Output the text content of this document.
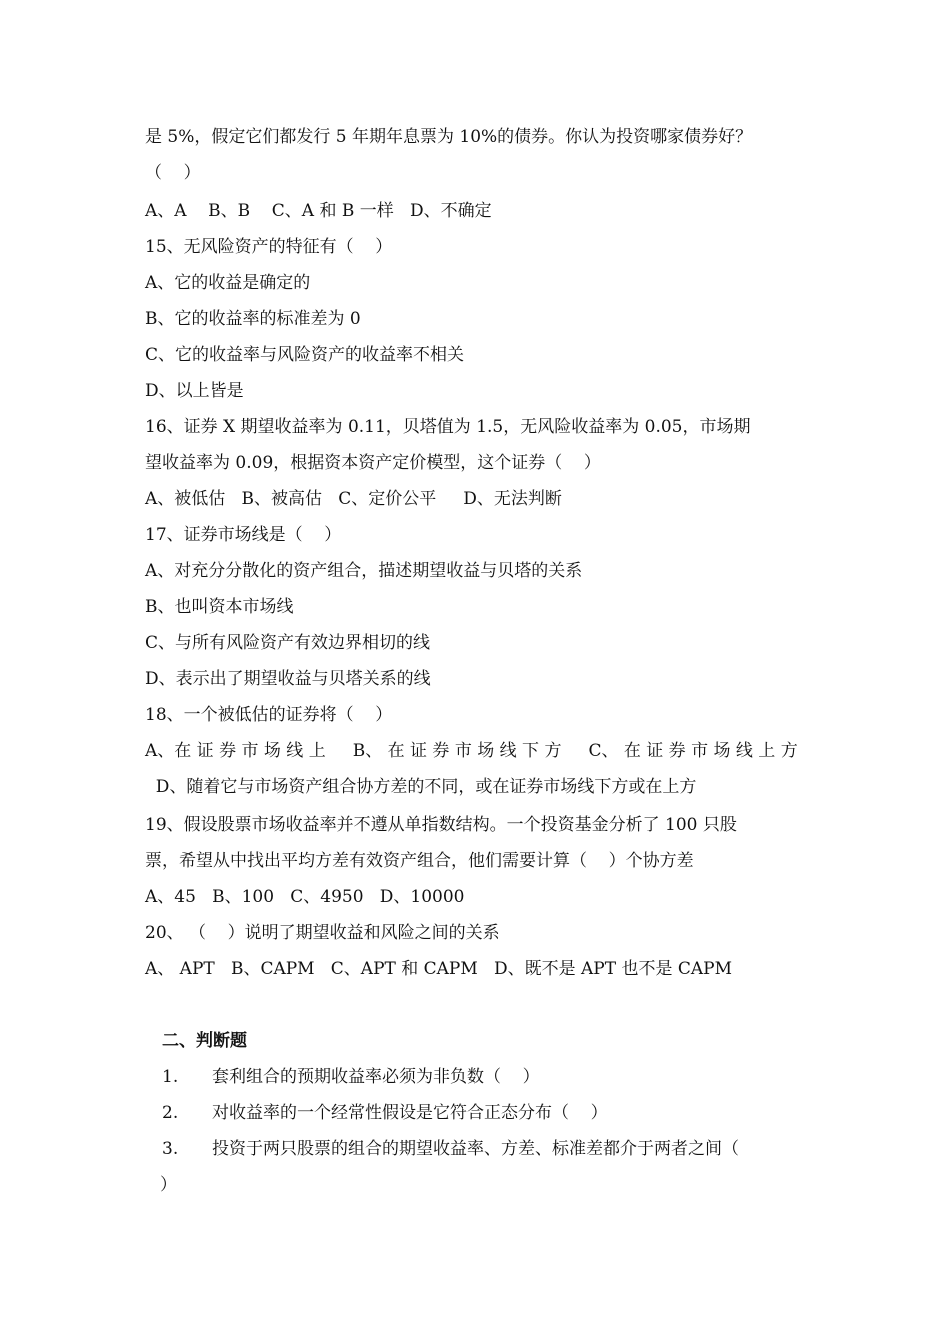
是 5%，假定它们都发行 5 年期年息票为 10%的债券。你认为投资哪家债券好？
（    ）
A、A    B、B    C、A 和 B 一样   D、不确定
15、无风险资产的特征有（    ）
A、它的收益是确定的
B、它的收益率的标准差为 0
C、它的收益率与风险资产的收益率不相关
D、以上皆是
16、证券 X 期望收益率为 0.11，贝塔值为 1.5，无风险收益率为 0.05，市场期
望收益率为 0.09，根据资本资产定价模型，这个证券（    ）
A、被低估   B、被高估   C、定价公平     D、无法判断
17、证券市场线是（    ）
A、对充分分散化的资产组合，描述期望收益与贝塔的关系
B、也叫资本市场线
C、与所有风险资产有效边界相切的线
D、表示出了期望收益与贝塔关系的线
18、一个被低估的证券将（    ）
A、在 证 券 市 场 线 上     B、 在 证 券 市 场 线 下 方     C、 在 证 券 市 场 线 上 方
D、随着它与市场资产组合协方差的不同，或在证券市场线下方或在上方
19、假设股票市场收益率并不遵从单指数结构。一个投资基金分析了 100 只股
票，希望从中找出平均方差有效资产组合，他们需要计算（    ）个协方差
A、45   B、100   C、4950   D、10000
20、 （    ）说明了期望收益和风险之间的关系
A、 APT   B、CAPM   C、APT 和 CAPM   D、既不是 APT 也不是 CAPM
二、判断题
1. 套利组合的预期收益率必须为非负数（    ）
2. 对收益率的一个经常性假设是它符合正态分布（    ）
3. 投资于两只股票的组合的期望收益率、方差、标准差都介于两者之间（
）
